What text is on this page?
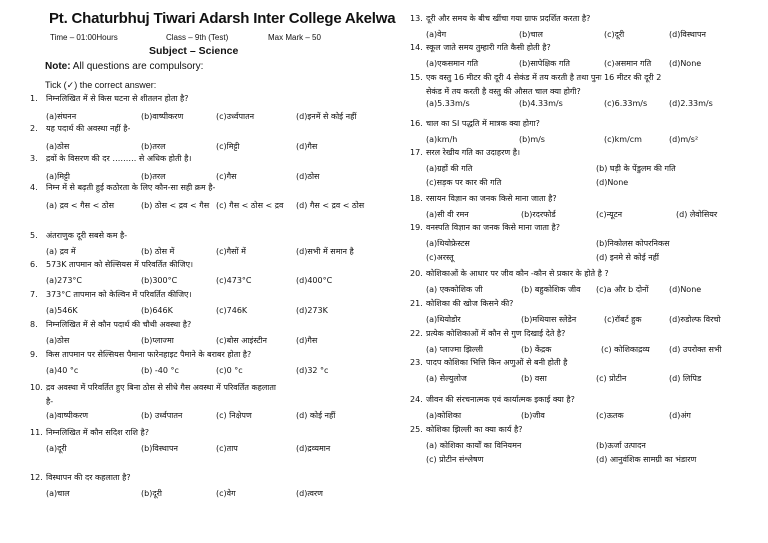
Pt. Chaturbhuj Tiwari Adarsh Inter College Akelwa
Time – 01:00Hours	Class – 9th (Test)	Max Mark – 50
Subject – Science
Note: All questions are compulsory:
Tick (✓) the correct answer:
1. निम्नलिखित में से किस घटना से शीतलन होता है?
(a)संघनन	(b)वाष्पीकरण	(c)उर्ध्वपातन	(d)इनमें से कोई नहीं
2. यह पदार्थ की अवस्था नहीं है-
(a)ठोस	(b)तरल	(c)मिट्टी	(d)गैस
3. द्रवों के विसरण की दर ……… से अधिक होती है।
(a)मिट्टी	(b)तरल	(c)गैस	(d)ठोस
4. निम्न में से बढ़ती हुई कठोरता के लिए कौन-सा सही क्रम है-
(a) द्रव < गैस < ठोस	(b) ठोस < द्रव < गैस (c) गैस < ठोस < द्रव (d) गैस < द्रव < ठोस
5. अंतराणुक दूरी सबसे कम है-
(a) द्रव में	(b) ठोस में	(c)गैसों में	(d)सभी में समान है
6. 573K तापमान को सेल्सियस में परिवर्तित कीजिए।
(a)273°C	(b)300°C	(c)473°C	(d)400°C
7. 373°C तापमान को केल्विन में परिवर्तित कीजिए।
(a)546K	(b)646K	(c)746K	(d)273K
8. निम्नलिखित में से कौन पदार्थ की चौथी अवस्था है?
(a)ठोस	(b)प्लाज्मा	(c)बोस आइंस्टीन	(d)गैस
9. किस तापमान पर सेल्सियस पैमाना फारेनहाइट पैमाने के बराबर होता है?
(a)40 °c	(b) -40 °c	(c)0 °c	(d)32 °c
10. द्रव अवस्था में परिवर्तित हुए बिना ठोस से सीधे गैस अवस्था में परिवर्तित कहलाता
है-
(a)वाष्पीकरण	(b) उर्ध्वपातन	(c) निक्षेपण	(d) कोई नहीं
11. निम्नलिखित में कौन सदिश राशि है?
(a)दूरी	(b)विस्थापन	(c)ताप	(d)द्रव्यमान
12. विस्थापन की दर कहलाता है?
(a)चाल	(b)दूरी	(c)वेग	(d)त्वरण
13. दूरी और समय के बीच खींचा गया ग्राफ प्रदर्शित करता है?
(a)वेग	(b)चाल	(c)दूरी	(d)विस्थापन
14. स्कूल जाते समय तुम्हारी गति कैसी होती है?
(a)एकसमान गति	(b)सापेक्षिक गति	(c)असमान गति (d)None
15. एक वस्तु 16 मीटर की दूरी 4 सेकंड में तय करती है तथा पुनः 16 मीटर की दूरी 2
सेकंड में तय करती है वस्तु की औसत चाल क्या होगी?
(a)5.33m/s	(b)4.33m/s	(c)6.33m/s	(d)2.33m/s
16. चाल का SI पद्धति में मात्रक क्या होगा?
(a)km/h	(b)m/s	(c)km/cm	(d)m/s²
17. सरल रेखीय गति का उदाहरण है।
(a)ग्रहों की गति	(b) घड़ी के पेंडुलम की गति
(c)सड़क पर कार की गति	(d)None
18. रसायन विज्ञान का जनक किसे माना जाता है?
(a)सी वी रमन	(b)रदरफोर्ड	(c)न्यूटन	(d) लेवोसियर
19. वनस्पति विज्ञान का जनक किसे माना जाता है?
(a)थियोफ्रेस्टस	(b)निकोलस कोपरनिकस
(c)अरस्तू	(d) इनमे से कोई नहीं
20. कोशिकाओं के आधार पर जीव कौन -कौन से प्रकार के होते है ?
(a) एककोशिक जी	(b) बहुकोशिक जीव (c)a और b दोनों	(d)None
21. कोशिका की खोज किसने की?
(a)थियोडोर	(b)मथियास स्लेडेन	(c)रॉबर्ट हुक	(d)रुडोल्फ विरचो
22. प्रत्येक कोशिकाओं में कौन से गुण दिखाई देते है?
(a) प्लाज्मा झिल्ली	(b) केंद्रक	(c) कोशिकाद्रव्य (d) उपरोक्त सभी
23. पादप कोशिका भित्ति किन अणुओं से बनी होती है
(a) सेल्युलोज	(b) वसा	(c) प्रोटीन	(d) लिपिड
24. जीवन की संरचनात्मक एवं कार्यात्मक इकाई क्या है?
(a)कोशिका	(b)जीव	(c)ऊतक	(d)अंग
25. कोशिका झिल्ली का क्या कार्य है?
(a) कोशिका कार्यों का विनियमन	(b)ऊर्जा उत्पादन
(c) प्रोटीन संश्लेषण	(d) आनुवंशिक सामग्री का भंडारण
